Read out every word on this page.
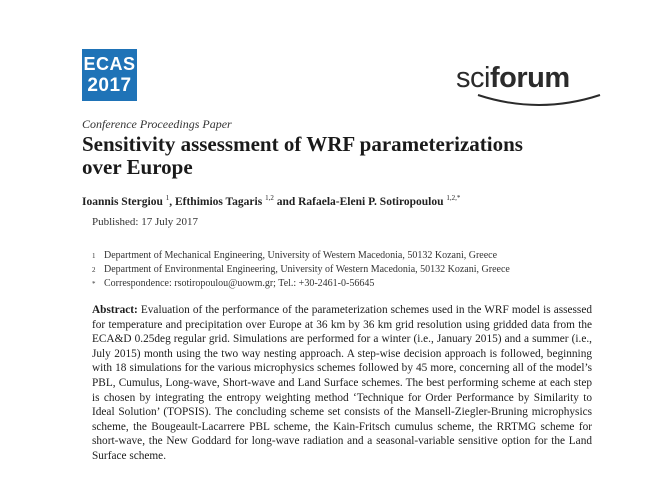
ECAS
2017	sciforum
Conference Proceedings Paper
Sensitivity assessment of WRF parameterizations
over Europe
Ioannis Stergiou $^1$, Efthimios Tagaris $^{1,2}$ and Rafaela-Eleni P. Sotiropoulou $^{1,2,*}$
Published: 17 July 2017
1 Department of Mechanical Engineering, University of Western Macedonia, 50132 Kozani, Greece
2 Department of Environmental Engineering, University of Western Macedonia, 50132 Kozani, Greece
* Correspondence: rsotiropoulou@uowm.gr; Tel.: +30-2461-0-56645
Abstract: Evaluation of the performance of the parameterization schemes used in the WRF model is assessed for temperature and precipitation over Europe at 36 km by 36 km grid resolution using gridded data from the ECA&D 0.25deg regular grid. Simulations are performed for a winter (i.e., January 2015) and a summer (i.e., July 2015) month using the two way nesting approach. A step-wise decision approach is followed, beginning with 18 simulations for the various microphysics schemes followed by 45 more, concerning all of the model’s PBL, Cumulus, Long-wave, Short-wave and Land Surface schemes. The best performing scheme at each step is chosen by integrating the entropy weighting method ‘Technique for Order Performance by Similarity to Ideal Solution’ (TOPSIS). The concluding scheme set consists of the Mansell-Ziegler-Bruning microphysics scheme, the Bougeault-Lacarrere PBL scheme, the Kain-Fritsch cumulus scheme, the RRTMG scheme for short-wave, the New Goddard for long-wave radiation and a seasonal-variable sensitive option for the Land Surface scheme.
